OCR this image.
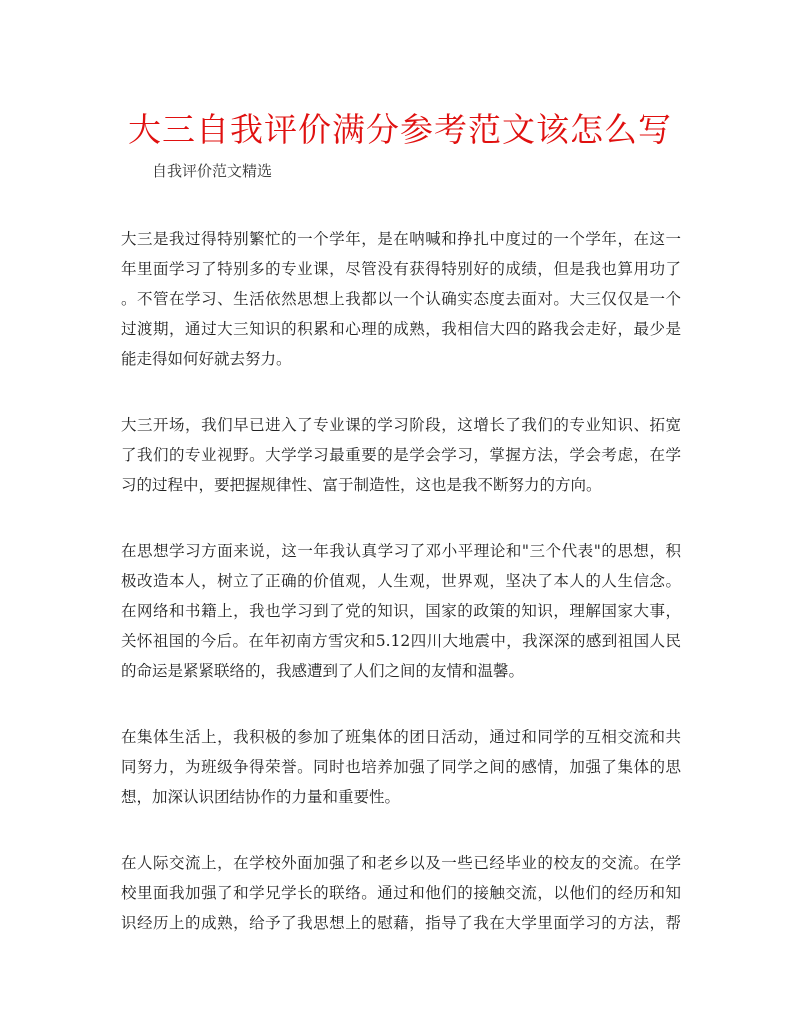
大三自我评价满分参考范文该怎么写
自我评价范文精选
大三是我过得特别繁忙的一个学年，是在呐喊和挣扎中度过的一个学年，在这一
年里面学习了特别多的专业课，尽管没有获得特别好的成绩，但是我也算用功了
。不管在学习、生活依然思想上我都以一个认确实态度去面对。大三仅仅是一个
过渡期，通过大三知识的积累和心理的成熟，我相信大四的路我会走好，最少是
能走得如何好就去努力。
大三开场，我们早已进入了专业课的学习阶段，这增长了我们的专业知识、拓宽
了我们的专业视野。大学学习最重要的是学会学习，掌握方法，学会考虑，在学
习的过程中，要把握规律性、富于制造性，这也是我不断努力的方向。
在思想学习方面来说，这一年我认真学习了邓小平理论和"三个代表"的思想，积
极改造本人，树立了正确的价值观，人生观，世界观，坚决了本人的人生信念。
在网络和书籍上，我也学习到了党的知识，国家的政策的知识，理解国家大事，
关怀祖国的今后。在年初南方雪灾和5.12四川大地震中，我深深的感到祖国人民
的命运是紧紧联络的，我感遭到了人们之间的友情和温馨。
在集体生活上，我积极的参加了班集体的团日活动，通过和同学的互相交流和共
同努力，为班级争得荣誉。同时也培养加强了同学之间的感情，加强了集体的思
想，加深认识团结协作的力量和重要性。
在人际交流上，在学校外面加强了和老乡以及一些已经毕业的校友的交流。在学
校里面我加强了和学兄学长的联络。通过和他们的接触交流，以他们的经历和知
识经历上的成熟，给予了我思想上的慰藉，指导了我在大学里面学习的方法，帮
